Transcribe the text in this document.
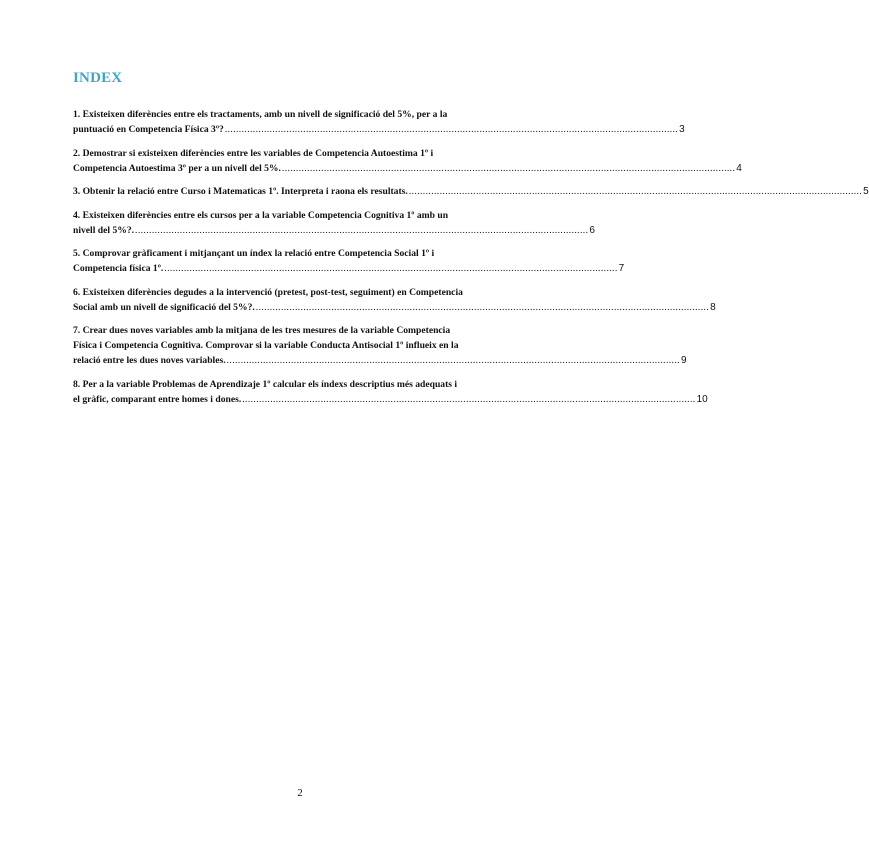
INDEX
1. Existeixen diferències entre els tractaments, amb un nivell de significació del 5%, per a la
puntuació en Competencia Física 3º? .................................................................................................................................................................. 3
2. Demostrar si existeixen diferències entre les variables de Competencia Autoestima 1º i
Competencia Autoestima 3º per a un nivell del 5%. .................................................................................................................................................................. 4
3. Obtenir la relació entre Curso i Matematicas 1º. Interpreta i raona els resultats. .................................................................................................................................................................. 5
4. Existeixen diferències entre els cursos per a la variable Competencia Cognitiva 1º amb un
nivell del 5%?. .................................................................................................................................................................. 6
5. Comprovar gràficament i mitjançant un índex la relació entre Competencia Social 1º i
Competencia física 1º. .................................................................................................................................................................. 7
6. Existeixen diferències degudes a la intervenció (pretest, post-test, seguiment) en Competencia
Social amb un nivell de significació del 5%?. .................................................................................................................................................................. 8
7. Crear dues noves variables amb la mitjana de les tres mesures de la variable Competencia
Física i Competencia Cognitiva. Comprovar si la variable Conducta Antisocial 1º influeix en la
relació entre les dues noves variables. .................................................................................................................................................................. 9
8. Per a la variable Problemas de Aprendizaje 1º calcular els índexs descriptius més adequats i
el gràfic, comparant entre homes i dones. .................................................................................................................................................................. 10
2
